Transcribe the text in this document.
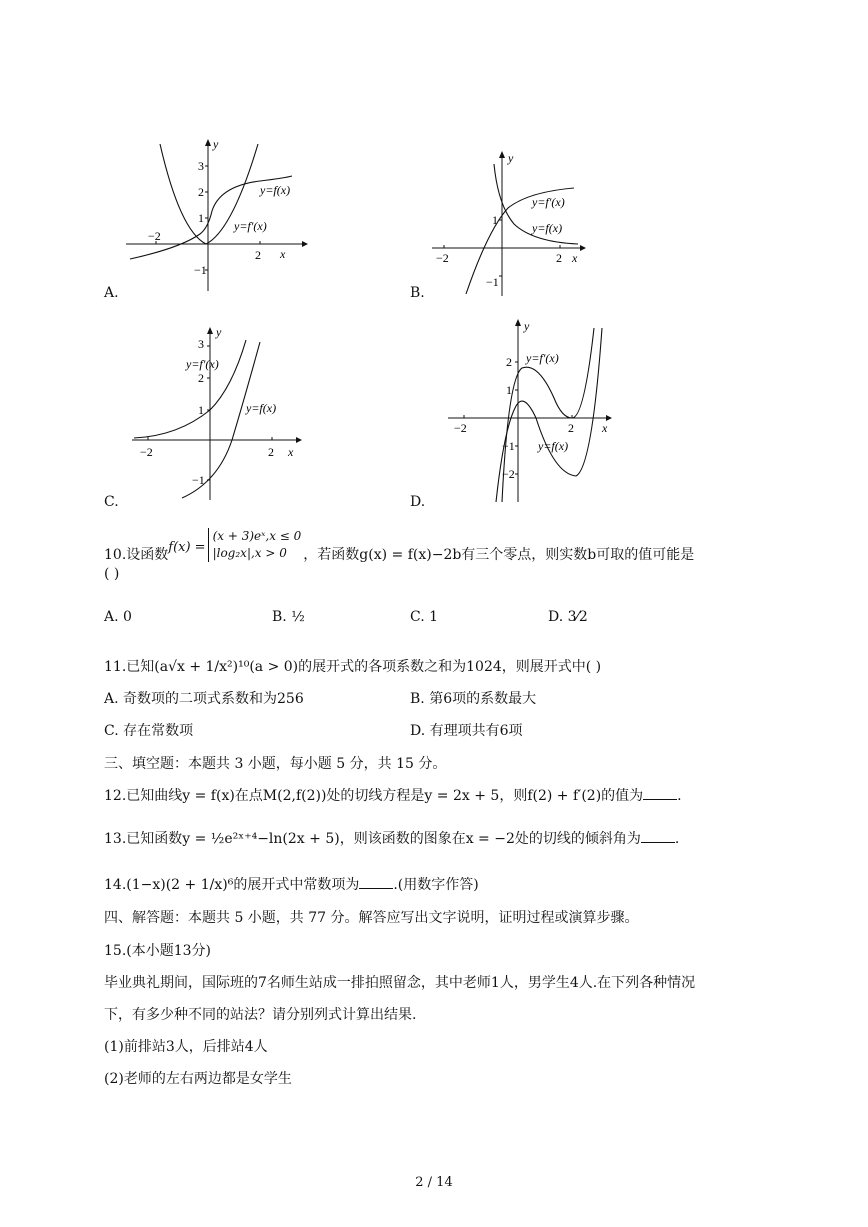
−2
2 x
3
2
1
−1
y
y=f(x)
y=f′(x)
A.
−2	2 x
1
−1
y
y=f′(x)
y=f(x)
B.
−2	2 x
3
2
1
−1
y
y=f′(x)
y=f(x)
C.
−2	2 x
2
1
−1
−2
y
y=f′(x)
y=f(x)
D.
10.设函数f(x) =
(x + 3)eˣ,x ≤ 0
|log₂x|,x > 0	，若函数g(x) = f(x)−2b有三个零点，则实数b可取的值可能是
( )
A. 0	B. ½	C. 1	D. 3⁄2
11.已知(a√x + 1/x²)¹⁰(a > 0)的展开式的各项系数之和为1024，则展开式中( )
A. 奇数项的二项式系数和为256	B. 第6项的系数最大
C. 存在常数项	D. 有理项共有6项
三、填空题：本题共 3 小题，每小题 5 分，共 15 分。
12.已知曲线y = f(x)在点M(2,f(2))处的切线方程是y = 2x + 5，则f(2) + f′(2)的值为 .
13.已知函数y = ½e²ˣ⁺⁴−ln(2x + 5)，则该函数的图象在x = −2处的切线的倾斜角为 .
14.(1−x)(2 + 1/x)⁶的展开式中常数项为 .(用数字作答)
四、解答题：本题共 5 小题，共 77 分。解答应写出文字说明，证明过程或演算步骤。
15.(本小题13分)
毕业典礼期间，国际班的7名师生站成一排拍照留念，其中老师1人，男学生4人.在下列各种情况
下，有多少种不同的站法？请分别列式计算出结果.
(1)前排站3人，后排站4人
(2)老师的左右两边都是女学生
2 / 14
